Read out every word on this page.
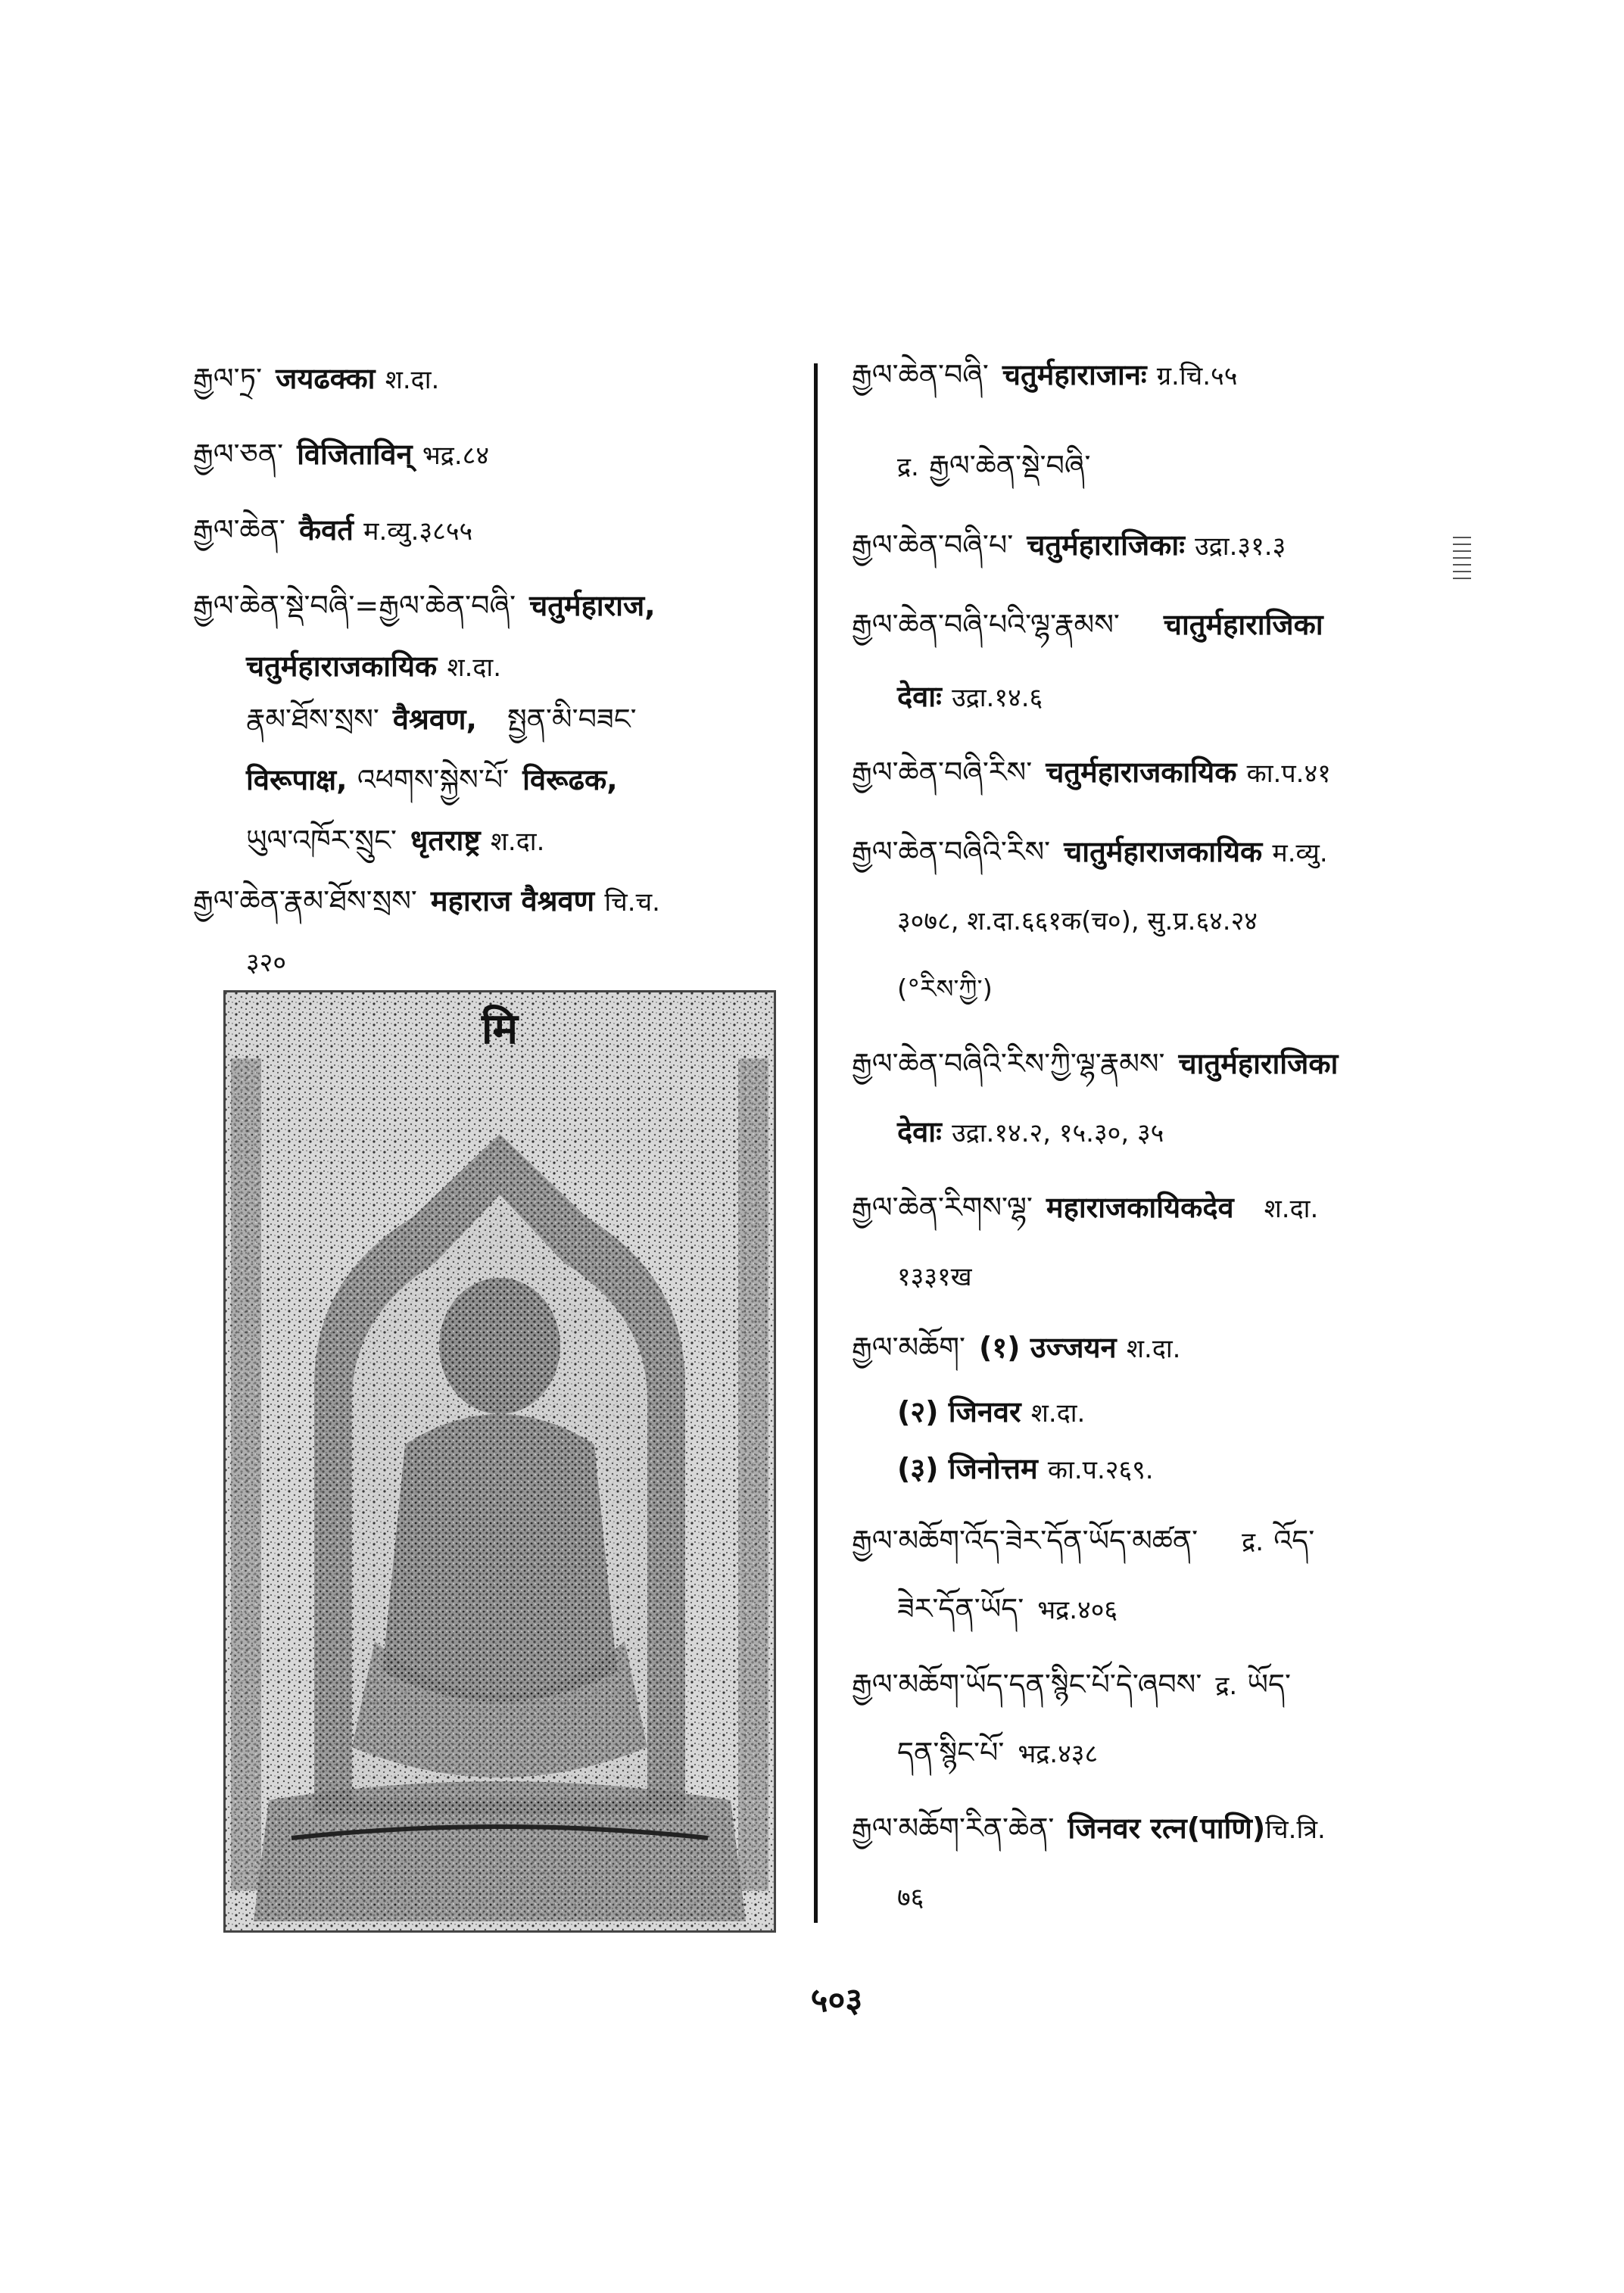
རྒྱལ་ཏྲ་ जयढक्का श.दा.
རྒྱལ་ཅན་ विजिताविन् भद्र.८४
རྒྱལ་ཆེན་ कैवर्त म.व्यु.३८५५
རྒྱལ་ཆེན་སྡེ་བཞི་=རྒྱལ་ཆེན་བཞི་ चतुर्महाराज,
चतुर्महाराजकायिक श.दा.
རྣམ་ཐོས་སྲས་ वैश्रवण, སྤྱན་མི་བཟང་
विरूपाक्ष, འཕགས་སྐྱེས་པོ་ विरूढक,
ཡུལ་འཁོར་སྲུང་ धृतराष्ट्र श.दा.
རྒྱལ་ཆེན་རྣམ་ཐོས་སྲས་ महाराज वैश्रवण चि.च.
३२०
मि
རྒྱལ་ཆེན་བཞི་ चतुर्महाराजानः ग्र.चि.५५
द्र. རྒྱལ་ཆེན་སྡེ་བཞི་
རྒྱལ་ཆེན་བཞི་པ་ चतुर्महाराजिकाः उद्रा.३१.३
རྒྱལ་ཆེན་བཞི་པའི་ལྷ་རྣམས་ चातुर्महाराजिका
देवाः उद्रा.१४.६
རྒྱལ་ཆེན་བཞི་རིས་ चतुर्महाराजकायिक का.प.४१
རྒྱལ་ཆེན་བཞིའི་རིས་ चातुर्महाराजकायिक म.व्यु.
३०७८, श.दा.६६१क(च०), सु.प्र.६४.२४
(°རིས་ཀྱི་)
རྒྱལ་ཆེན་བཞིའི་རིས་ཀྱི་ལྷ་རྣམས་ चातुर्महाराजिका
देवाः उद्रा.१४.२, १५.३०, ३५
རྒྱལ་ཆེན་རིགས་ལྷ་ महाराजकायिकदेव श.दा.
१३३१ख
རྒྱལ་མཆོག་ (१) उज्जयन श.दा.
(२) जिनवर श.दा.
(३) जिनोत्तम का.प.२६९.
རྒྱལ་མཆོག་འོད་ཟེར་དོན་ཡོད་མཚན་ द्र. འོད་
ཟེར་དོན་ཡོད་ भद्र.४०६
རྒྱལ་མཆོག་ཡོད་དན་སྙིང་པོ་དེ་ཞབས་ द्र. ཡོད་
དན་སྙིང་པོ་ भद्र.४३८
རྒྱལ་མཆོག་རིན་ཆེན་ जिनवर रत्न(पाणि)चि.त्रि.
७६
५०३
